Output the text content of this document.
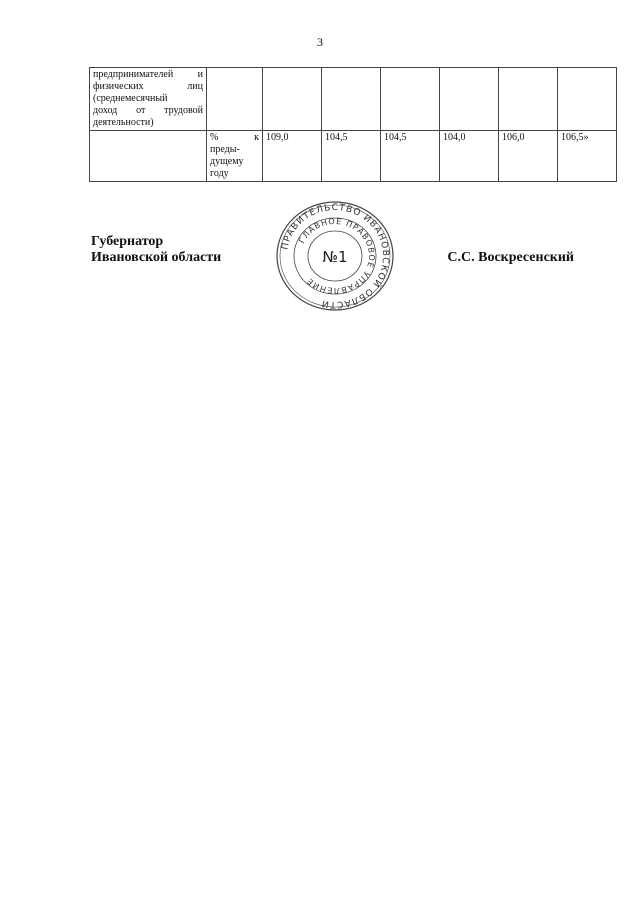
3
предпринимателей и
физических лиц
(среднемесячный
доход от трудовой
деятельности)							

	% к
преды-
дущему
году	109,0	104,5	104,5	104,0	106,0	106,5»
Губернатор
Ивановской области
ПРАВИТЕЛЬСТВО ИВАНОВСКОЙ ОБЛАСТИ
ГЛАВНОЕ ПРАВОВОЕ УПРАВЛЕНИЕ
№1	С.С. Воскресенский
